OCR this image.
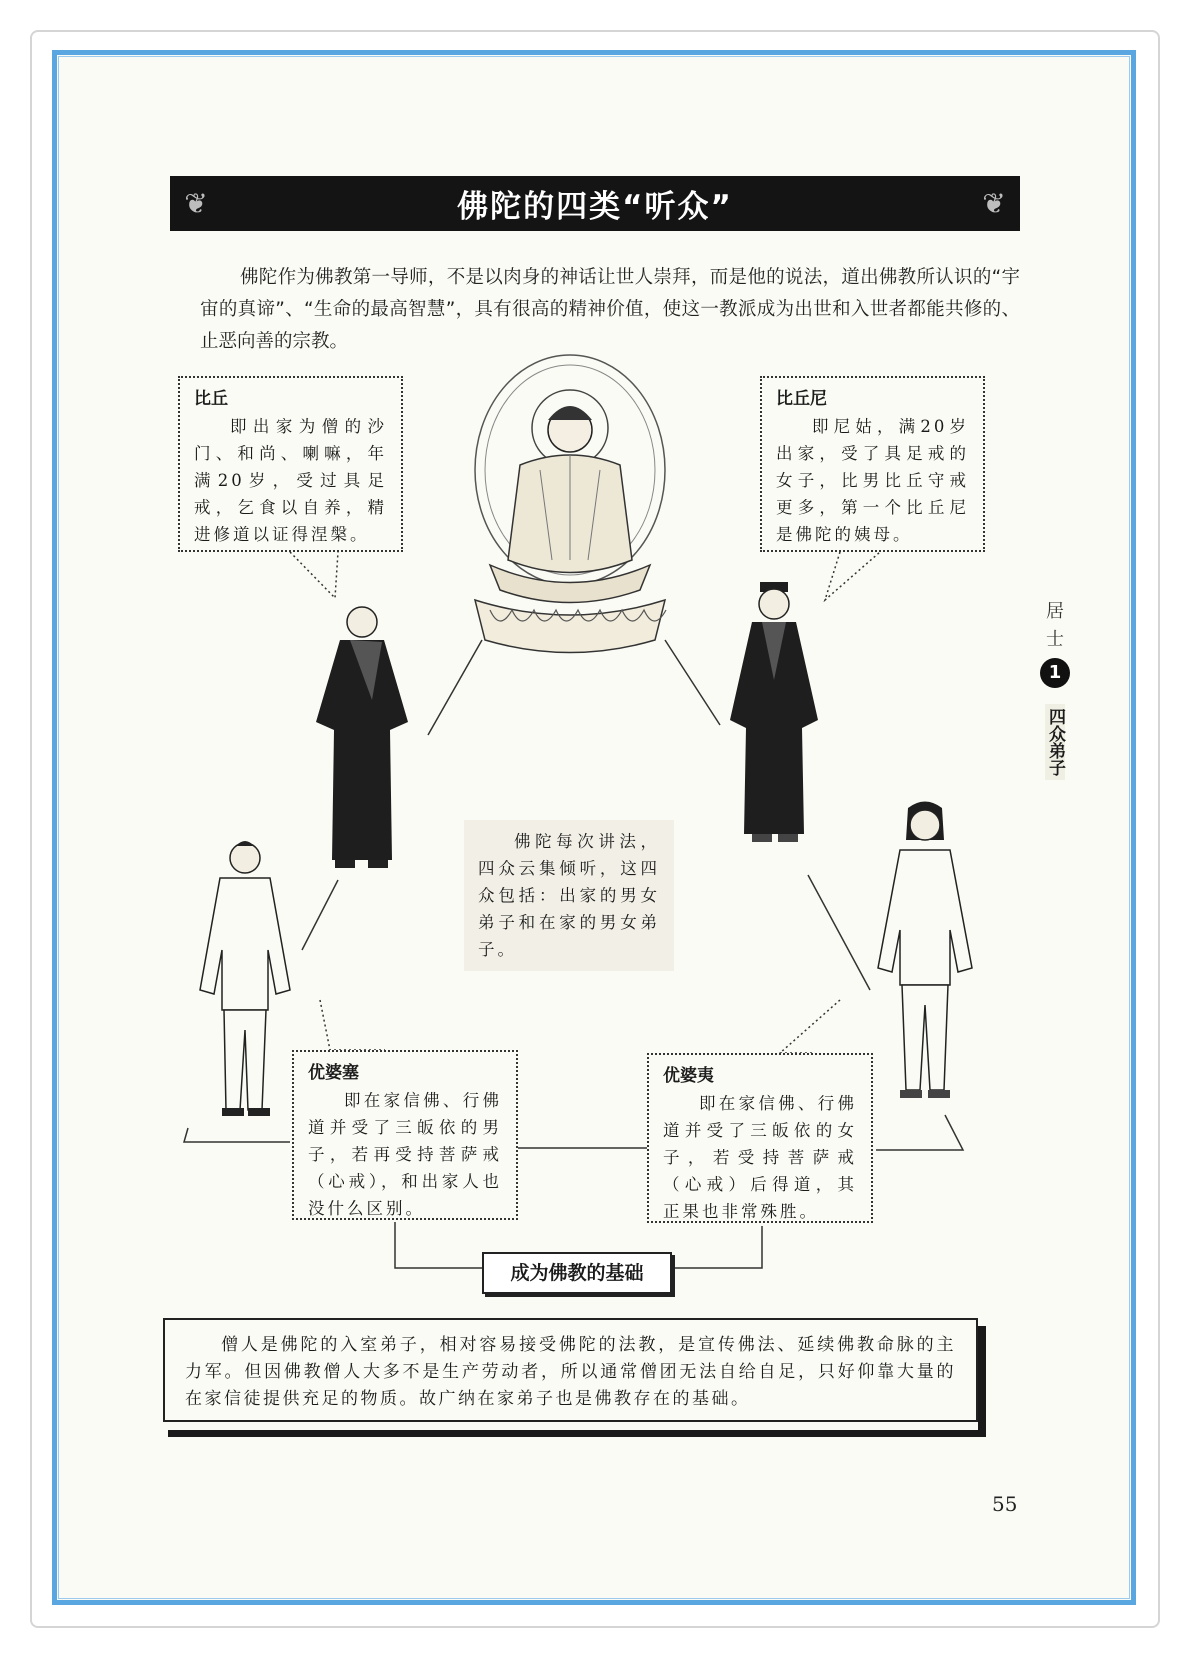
❦	佛陀的四类“听众”	❦

佛陀作为佛教第一导师，不是以肉身的神话让世人崇拜，而是他的说法，道出佛教所认识的“宇宙的真谛”、“生命的最高智慧”，具有很高的精神价值，使这一教派成为出世和入世者都能共修的、止恶向善的宗教。

比丘
即出家为僧的沙门、和尚、喇嘛，年满20岁，受过具足戒，乞食以自养，精进修道以证得涅槃。
比丘尼
即尼姑，满20岁出家，受了具足戒的女子，比男比丘守戒更多，第一个比丘尼是佛陀的姨母。
佛陀每次讲法，四众云集倾听，这四众包括：出家的男女弟子和在家的男女弟子。
优婆塞
即在家信佛、行佛道并受了三皈依的男子，若再受持菩萨戒（心戒），和出家人也没什么区别。
优婆夷
即在家信佛、行佛道并受了三皈依的女子，若受持菩萨戒（心戒）后得道，其正果也非常殊胜。
成为佛教的基础
僧人是佛陀的入室弟子，相对容易接受佛陀的法教，是宣传佛法、延续佛教命脉的主力军。但因佛教僧人大多不是生产劳动者，所以通常僧团无法自给自足，只好仰靠大量的在家信徒提供充足的物质。故广纳在家弟子也是佛教存在的基础。
居士
1
四众弟子
55
